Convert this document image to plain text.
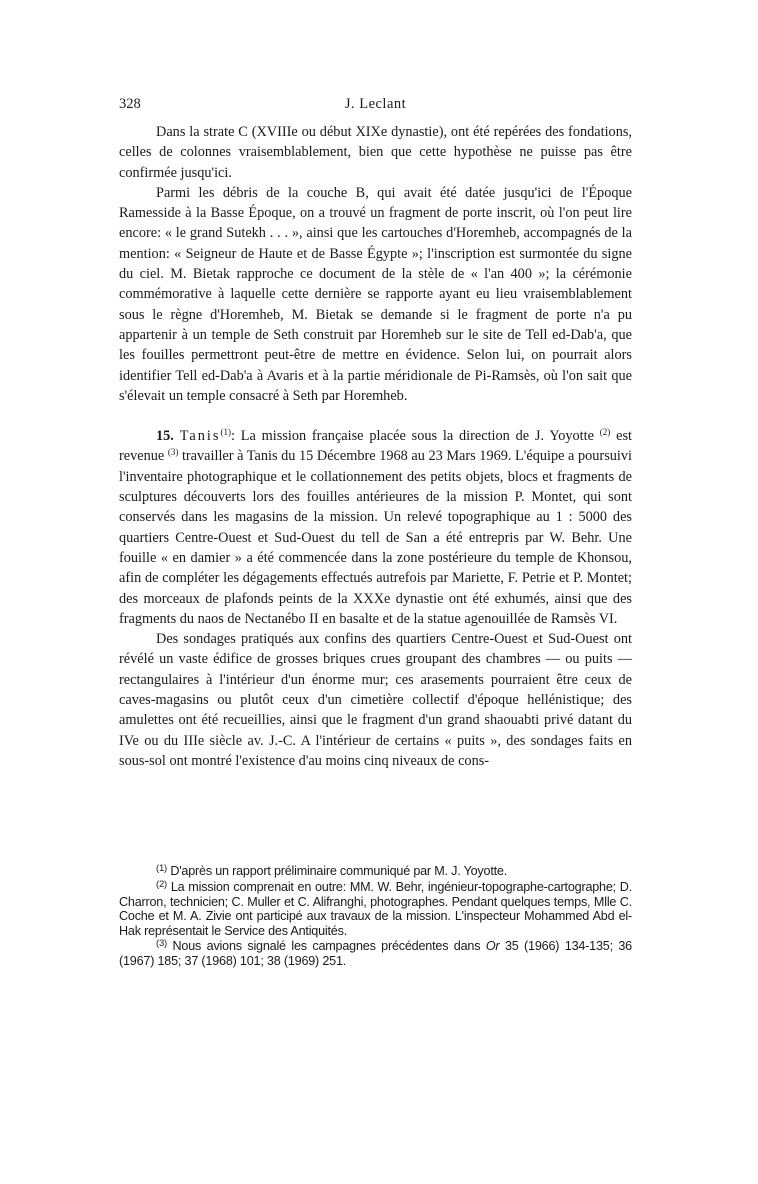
328	J. Leclant

Dans la strate C (XVIIIe ou début XIXe dynastie), ont été repérées des fondations, celles de colonnes vraisemblablement, bien que cette hypothèse ne puisse pas être confirmée jusqu'ici.

Parmi les débris de la couche B, qui avait été datée jusqu'ici de l'Époque Ramesside à la Basse Époque, on a trouvé un fragment de porte inscrit, où l'on peut lire encore: « le grand Sutekh . . . », ainsi que les cartouches d'Horemheb, accompagnés de la mention: « Seigneur de Haute et de Basse Égypte »; l'inscription est surmontée du signe du ciel. M. Bietak rapproche ce document de la stèle de « l'an 400 »; la cérémonie commémorative à laquelle cette dernière se rapporte ayant eu lieu vraisemblablement sous le règne d'Horemheb, M. Bietak se demande si le fragment de porte n'a pu appartenir à un temple de Seth construit par Horemheb sur le site de Tell ed-Dab'a, que les fouilles permettront peut-être de mettre en évidence. Selon lui, on pourrait alors identifier Tell ed-Dab'a à Avaris et à la partie méridionale de Pi-Ramsès, où l'on sait que s'élevait un temple consacré à Seth par Horemheb.

15. Tanis$^{(1)}$: La mission française placée sous la direction de J. Yoyotte $^{(2)}$ est revenue $^{(3)}$ travailler à Tanis du 15 Décembre 1968 au 23 Mars 1969. L'équipe a poursuivi l'inventaire photographique et le collationnement des petits objets, blocs et fragments de sculptures découverts lors des fouilles antérieures de la mission P. Montet, qui sont conservés dans les magasins de la mission. Un relevé topographique au 1 : 5000 des quartiers Centre-Ouest et Sud-Ouest du tell de San a été entrepris par W. Behr. Une fouille « en damier » a été commencée dans la zone postérieure du temple de Khonsou, afin de compléter les dégagements effectués autrefois par Mariette, F. Petrie et P. Montet; des morceaux de plafonds peints de la XXXe dynastie ont été exhumés, ainsi que des fragments du naos de Nectanébo II en basalte et de la statue agenouillée de Ramsès VI.

Des sondages pratiqués aux confins des quartiers Centre-Ouest et Sud-Ouest ont révélé un vaste édifice de grosses briques crues groupant des chambres — ou puits — rectangulaires à l'intérieur d'un énorme mur; ces arasements pourraient être ceux de caves-magasins ou plutôt ceux d'un cimetière collectif d'époque hellénistique; des amulettes ont été recueillies, ainsi que le fragment d'un grand shaouabti privé datant du IVe ou du IIIe siècle av. J.-C. A l'intérieur de certains « puits », des sondages faits en sous-sol ont montré l'existence d'au moins cinq niveaux de cons-

$^{(1)}$ D'après un rapport préliminaire communiqué par M. J. Yoyotte.

$^{(2)}$ La mission comprenait en outre: MM. W. Behr, ingénieur-topographe-cartographe; D. Charron, technicien; C. Muller et C. Alifranghi, photographes. Pendant quelques temps, Mlle C. Coche et M. A. Zivie ont participé aux travaux de la mission. L'inspecteur Mohammed Abd el-Hak représentait le Service des Antiquités.

$^{(3)}$ Nous avions signalé les campagnes précédentes dans Or 35 (1966) 134-135; 36 (1967) 185; 37 (1968) 101; 38 (1969) 251.
